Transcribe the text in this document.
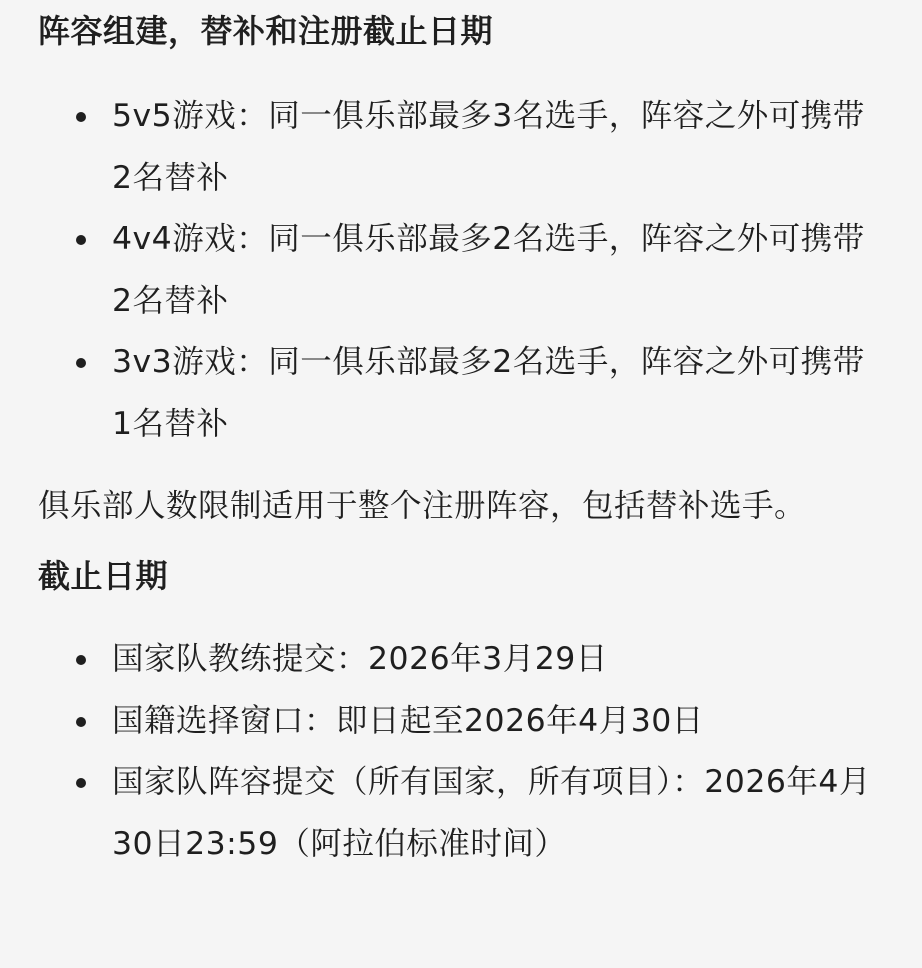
阵容组建，替补和注册截止日期
5v5游戏：同一俱乐部最多3名选手，阵容之外可携带2名替补
4v4游戏：同一俱乐部最多2名选手，阵容之外可携带2名替补
3v3游戏：同一俱乐部最多2名选手，阵容之外可携带1名替补

俱乐部人数限制适用于整个注册阵容，包括替补选手。

截止日期
国家队教练提交：2026年3月29日
国籍选择窗口：即日起至2026年4月30日
国家队阵容提交（所有国家，所有项目）：2026年4月30日23:59（阿拉伯标准时间）
